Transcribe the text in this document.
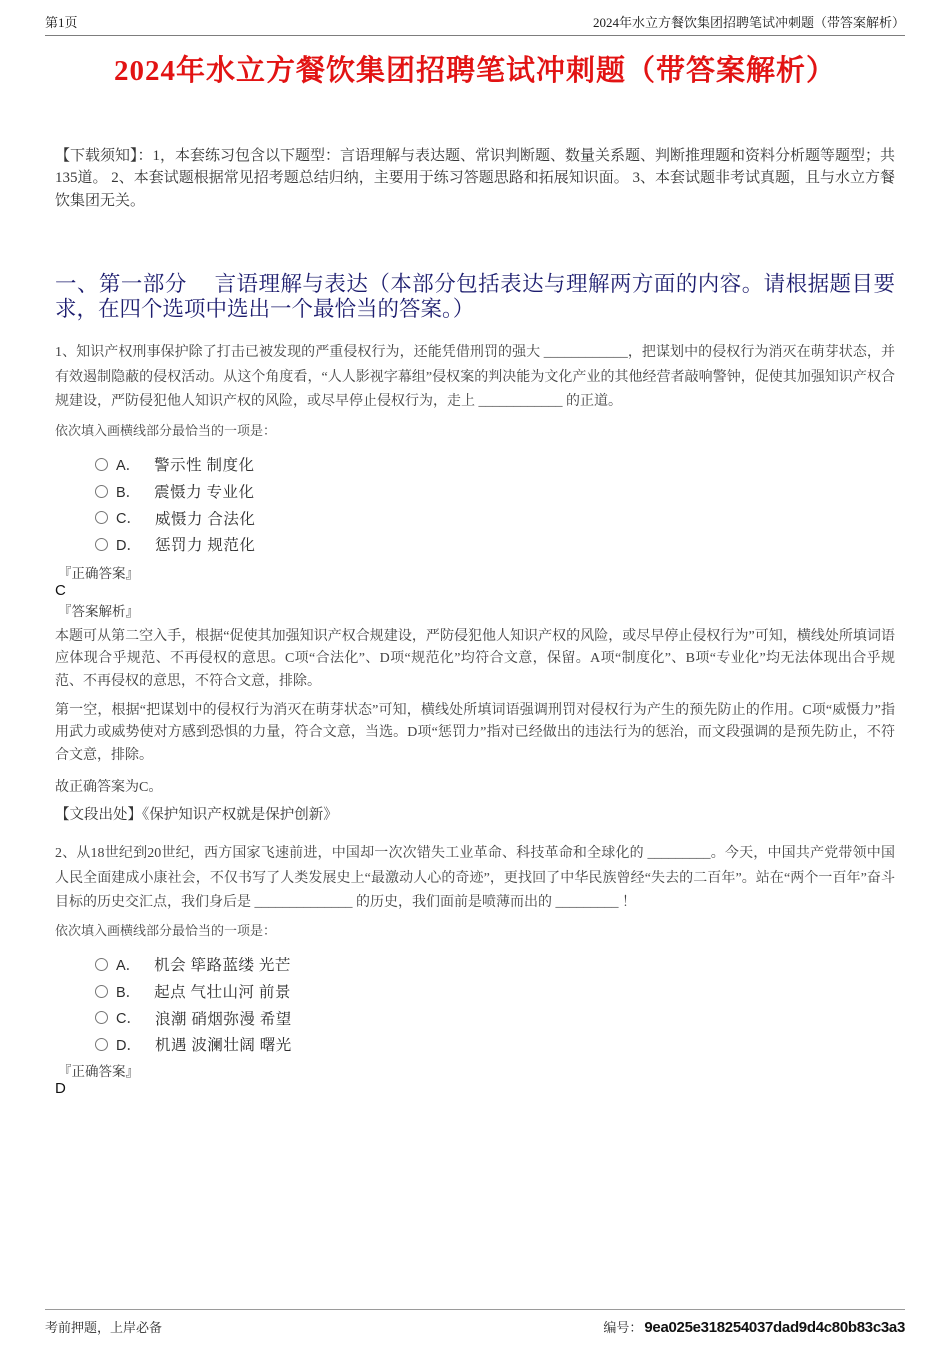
第1页	2024年水立方餐饮集团招聘笔试冲刺题（带答案解析）
2024年水立方餐饮集团招聘笔试冲刺题（带答案解析）
【下载须知】：1，本套练习包含以下题型：言语理解与表达题、常识判断题、数量关系题、判断推理题和资料分析题等题型；共135道。 2、本套试题根据常见招考题总结归纳，主要用于练习答题思路和拓展知识面。 3、本套试题非考试真题，且与水立方餐饮集团无关。
一、第一部分　 言语理解与表达（本部分包括表达与理解两方面的内容。请根据题目要求，在四个选项中选出一个最恰当的答案。）
1、知识产权刑事保护除了打击已被发现的严重侵权行为，还能凭借刑罚的强大 ____________，把谋划中的侵权行为消灭在萌芽状态，并有效遏制隐蔽的侵权活动。从这个角度看，“人人影视字幕组”侵权案的判决能为文化产业的其他经营者敲响警钟，促使其加强知识产权合规建设，严防侵犯他人知识产权的风险，或尽早停止侵权行为，走上 ____________ 的正道。
依次填入画横线部分最恰当的一项是：
A． 警示性 制度化
B． 震慑力 专业化
C． 威慑力 合法化
D． 惩罚力 规范化
『正确答案』
C
『答案解析』
本题可从第二空入手，根据“促使其加强知识产权合规建设，严防侵犯他人知识产权的风险，或尽早停止侵权行为”可知，横线处所填词语应体现合乎规范、不再侵权的意思。C项“合法化”、D项“规范化”均符合文意，保留。A项“制度化”、B项“专业化”均无法体现出合乎规范、不再侵权的意思，不符合文意，排除。
第一空，根据“把谋划中的侵权行为消灭在萌芽状态”可知，横线处所填词语强调刑罚对侵权行为产生的预先防止的作用。C项“威慑力”指用武力或威势使对方感到恐惧的力量，符合文意，当选。D项“惩罚力”指对已经做出的违法行为的惩治，而文段强调的是预先防止，不符合文意，排除。
故正确答案为C。
【文段出处】《保护知识产权就是保护创新》
2、从18世纪到20世纪，西方国家飞速前进，中国却一次次错失工业革命、科技革命和全球化的 _________。今天，中国共产党带领中国人民全面建成小康社会，不仅书写了人类发展史上“最激动人心的奇迹”，更找回了中华民族曾经“失去的二百年”。站在“两个一百年”奋斗目标的历史交汇点，我们身后是 ______________ 的历史，我们面前是喷薄而出的 _________ ！
依次填入画横线部分最恰当的一项是：
A． 机会 筚路蓝缕 光芒
B． 起点 气壮山河 前景
C． 浪潮 硝烟弥漫 希望
D． 机遇 波澜壮阔 曙光
『正确答案』
D
考前押题，上岸必备	编号： 9ea025e318254037dad9d4c80b83c3a3
